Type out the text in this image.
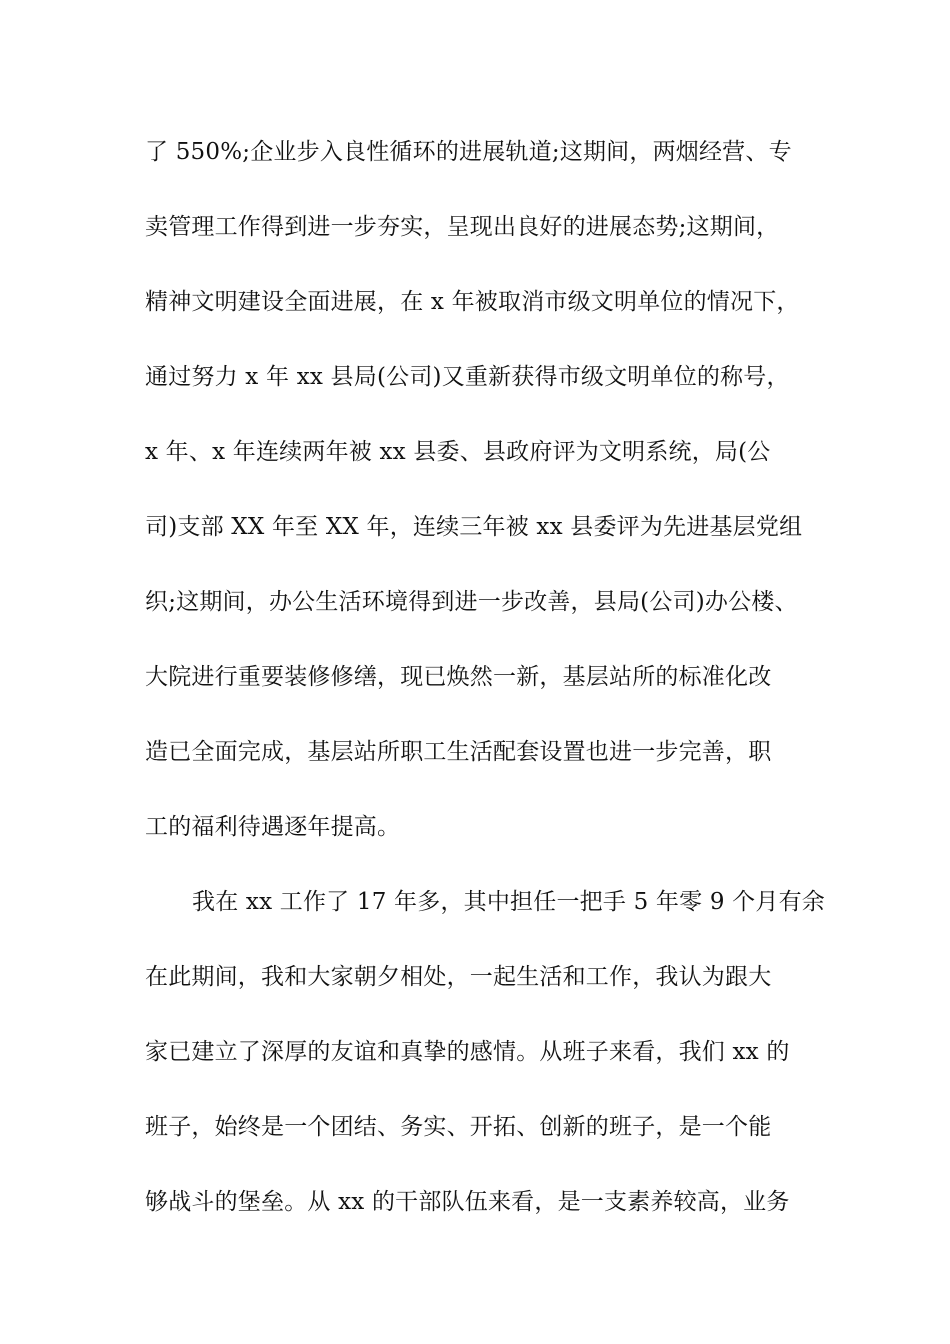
了 550%;企业步入良性循环的进展轨道;这期间，两烟经营、专
卖管理工作得到进一步夯实，呈现出良好的进展态势;这期间，
精神文明建设全面进展，在 x 年被取消市级文明单位的情况下，
通过努力 x 年 xx 县局(公司)又重新获得市级文明单位的称号，
x 年、x 年连续两年被 xx 县委、县政府评为文明系统，局(公
司)支部 XX 年至 XX 年，连续三年被 xx 县委评为先进基层党组
织;这期间，办公生活环境得到进一步改善，县局(公司)办公楼、
大院进行重要装修修缮，现已焕然一新，基层站所的标准化改
造已全面完成，基层站所职工生活配套设置也进一步完善，职
工的福利待遇逐年提高。
我在 xx 工作了 17 年多，其中担任一把手 5 年零 9 个月有余
在此期间，我和大家朝夕相处，一起生活和工作，我认为跟大
家已建立了深厚的友谊和真挚的感情。从班子来看，我们 xx 的
班子，始终是一个团结、务实、开拓、创新的班子，是一个能
够战斗的堡垒。从 xx 的干部队伍来看，是一支素养较高，业务
